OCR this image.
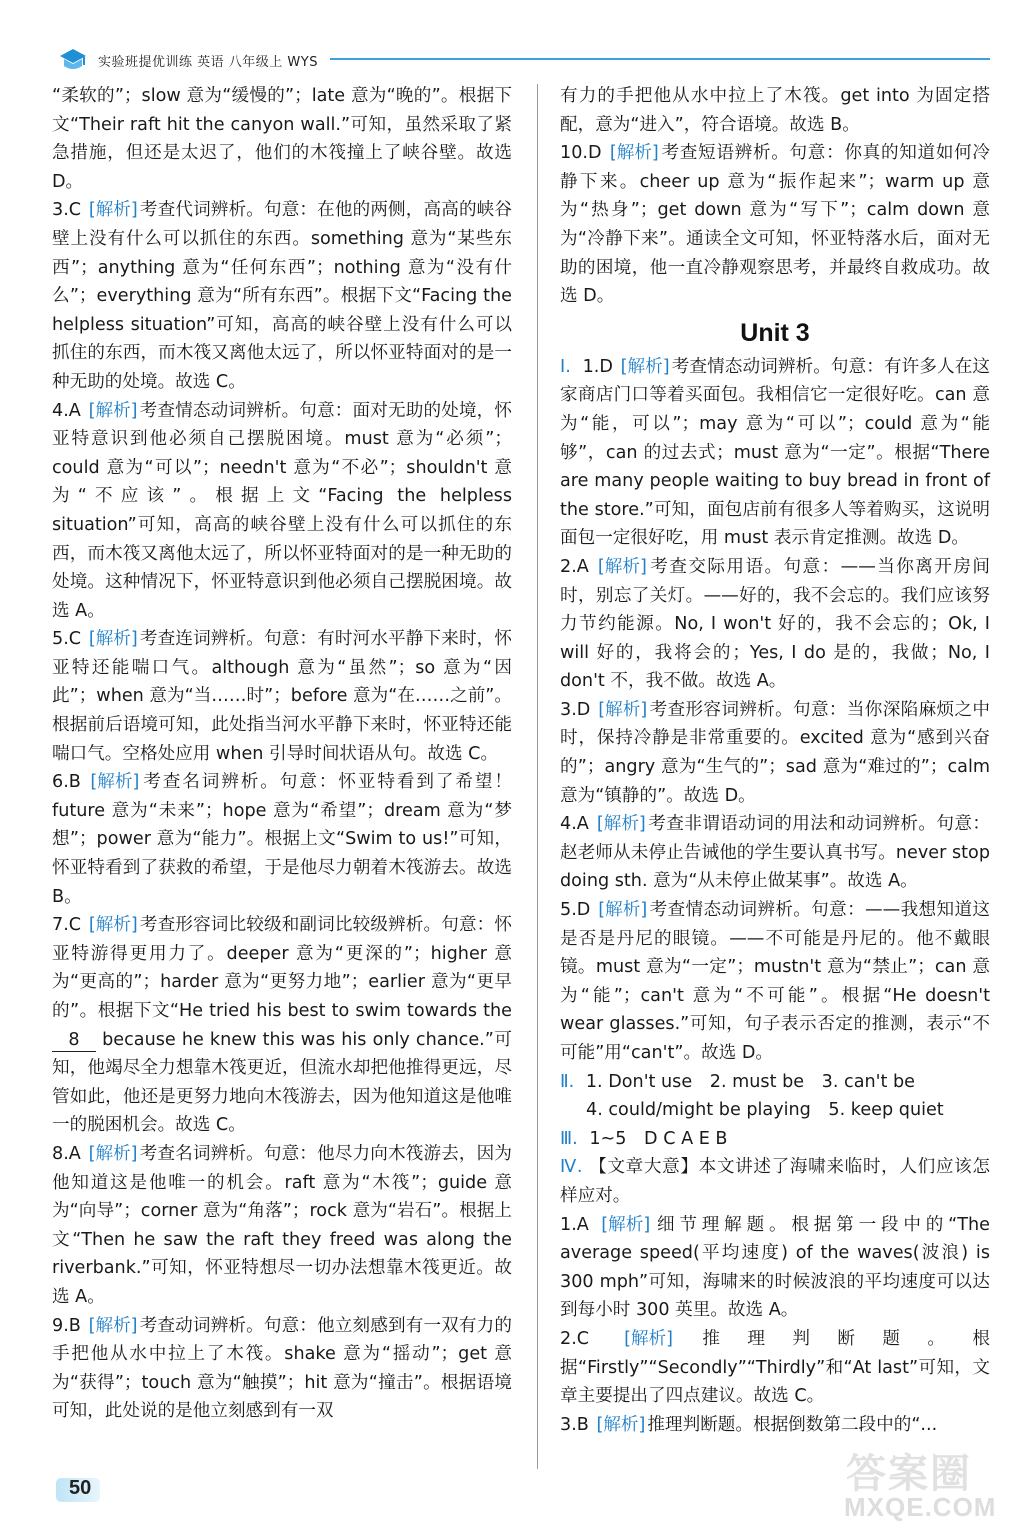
实验班提优训练 英语 八年级上 WYS

“柔软的”；slow 意为“缓慢的”；late 意为“晚的”。根据下文“Their raft hit the canyon wall.”可知，虽然采取了紧急措施，但还是太迟了，他们的木筏撞上了峡谷壁。故选 D。

3.C [ 解析 ] 考查代词辨析。句意：在他的两侧，高高的峡谷壁上没有什么可以抓住的东西。something 意为“某些东西”；anything 意为“任何东西”；nothing 意为“没有什么”；everything 意为“所有东西”。根据下文“Facing the helpless situation”可知，高高的峡谷壁上没有什么可以抓住的东西，而木筏又离他太远了，所以怀亚特面对的是一种无助的处境。故选 C。
4.A [ 解析 ] 考查情态动词辨析。句意：面对无助的处境，怀亚特意识到他必须自己摆脱困境。must 意为“必须”；could 意为“可以”；needn't 意为“不必”；shouldn't 意为“不应该”。根据上文“Facing the helpless situation”可知，高高的峡谷壁上没有什么可以抓住的东西，而木筏又离他太远了，所以怀亚特面对的是一种无助的处境。这种情况下，怀亚特意识到他必须自己摆脱困境。故选 A。
5.C [ 解析 ] 考查连词辨析。句意：有时河水平静下来时，怀亚特还能喘口气。although 意为“虽然”；so 意为“因此”；when 意为“当……时”；before 意为“在……之前”。根据前后语境可知，此处指当河水平静下来时，怀亚特还能喘口气。空格处应用 when 引导时间状语从句。故选 C。
6.B [ 解析 ] 考查名词辨析。句意：怀亚特看到了希望！future 意为“未来”；hope 意为“希望”；dream 意为“梦想”；power 意为“能力”。根据上文“Swim to us!”可知，怀亚特看到了获救的希望，于是他尽力朝着木筏游去。故选 B。
7.C [ 解析 ] 考查形容词比较级和副词比较级辨析。句意：怀亚特游得更用力了。deeper 意为“更深的”；higher 意为“更高的”；harder 意为“更努力地”；earlier 意为“更早的”。根据下文“He tried his best to swim towards the 8 because he knew this was his only chance.”可知，他竭尽全力想靠木筏更近，但流水却把他推得更远，尽管如此，他还是更努力地向木筏游去，因为他知道这是他唯一的脱困机会。故选 C。
8.A [ 解析 ] 考查名词辨析。句意：他尽力向木筏游去，因为他知道这是他唯一的机会。raft 意为“木筏”；guide 意为“向导”；corner 意为“角落”；rock 意为“岩石”。根据上文“Then he saw the raft they freed was along the riverbank.”可知，怀亚特想尽一切办法想靠木筏更近。故选 A。
9.B [ 解析 ] 考查动词辨析。句意：他立刻感到有一双有力的手把他从水中拉上了木筏。shake 意为“摇动”；get 意为“获得”；touch 意为“触摸”；hit 意为“撞击”。根据语境可知，此处说的是他立刻感到有一双

有力的手把他从水中拉上了木筏。get into 为固定搭配，意为“进入”，符合语境。故选 B。

10.D [ 解析 ] 考查短语辨析。句意：你真的知道如何冷静下来。cheer up 意为“振作起来”；warm up 意为“热身”；get down 意为“写下”；calm down 意为“冷静下来”。通读全文可知，怀亚特落水后，面对无助的困境，他一直冷静观察思考，并最终自救成功。故选 D。
Unit 3
Ⅰ. 1.D [ 解析 ] 考查情态动词辨析。句意：有许多人在这家商店门口等着买面包。我相信它一定很好吃。can 意为“能，可以”；may 意为“可以”；could 意为“能够”，can 的过去式；must 意为“一定”。根据“There are many people waiting to buy bread in front of the store.”可知，面包店前有很多人等着购买，这说明面包一定很好吃，用 must 表示肯定推测。故选 D。
2.A [ 解析 ] 考查交际用语。句意：——当你离开房间时，别忘了关灯。——好的，我不会忘的。我们应该努力节约能源。No, I won't 好的，我不会忘的；Ok, I will 好的，我将会的；Yes, I do 是的，我做；No, I don't 不，我不做。故选 A。
3.D [ 解析 ] 考查形容词辨析。句意：当你深陷麻烦之中时，保持冷静是非常重要的。excited 意为“感到兴奋的”；angry 意为“生气的”；sad 意为“难过的”；calm 意为“镇静的”。故选 D。
4.A [ 解析 ] 考查非谓语动词的用法和动词辨析。句意：赵老师从未停止告诫他的学生要认真书写。never stop doing sth. 意为“从未停止做某事”。故选 A。
5.D [ 解析 ] 考查情态动词辨析。句意：——我想知道这是否是丹尼的眼镜。——不可能是丹尼的。他不戴眼镜。must 意为“一定”；mustn't 意为“禁止”；can 意为“能”；can't 意为“不可能”。根据“He doesn't wear glasses.”可知，句子表示否定的推测，表示“不可能”用“can't”。故选 D。
Ⅱ. 1. Don't use　2. must be　3. can't be
4. could/might be playing　5. keep quiet
Ⅲ. 1~5　D C A E B
Ⅳ. 【文章大意】本文讲述了海啸来临时，人们应该怎样应对。
1.A [ 解析 ] 细节理解题。根据第一段中的“The average speed(平均速度) of the waves(波浪) is 300 mph”可知，海啸来的时候波浪的平均速度可以达到每小时 300 英里。故选 A。
2.C [ 解析 ] 推理判断题。根据“Firstly”“Secondly”“Thirdly”和“At last”可知，文章主要提出了四点建议。故选 C。
3.B [ 解析 ] 推理判断题。根据倒数第二段中的“...
50	答案圈
MXQE.COM
